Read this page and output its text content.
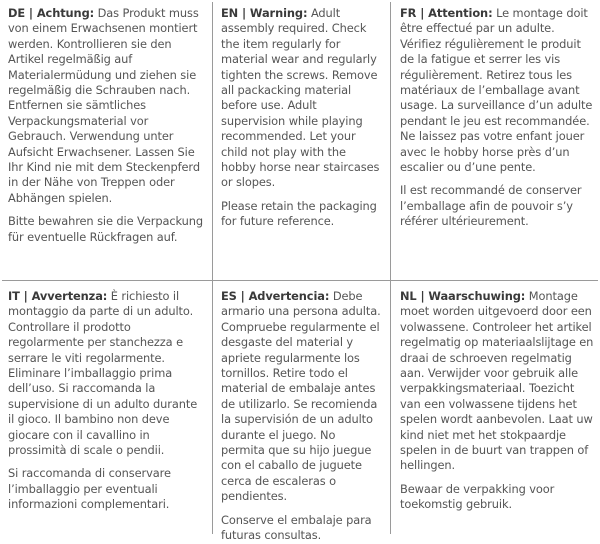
DE | Achtung: Das Produkt muss von einem Erwachsenen montiert werden. Kontrollieren sie den Artikel regelmäßig auf Materialermüdung und ziehen sie regelmäßig die Schrauben nach. Entfernen sie sämtliches Verpackungsmaterial vor Gebrauch. Verwendung unter Aufsicht Erwachsener. Lassen Sie Ihr Kind nie mit dem Steckenpferd in der Nähe von Treppen oder Abhängen spielen.

Bitte bewahren sie die Verpackung für eventuelle Rückfragen auf.

EN | Warning: Adult assembly required. Check the item regularly for material wear and regularly tighten the screws. Remove all packacking material before use. Adult supervision while playing recommended. Let your child not play with the hobby horse near staircases or slopes.

Please retain the packaging for future reference.

FR | Attention: Le montage doit être effectué par un adulte. Vérifiez régulièrement le produit de la fatigue et serrer les vis régulièrement. Retirez tous les matériaux de l’emballage avant usage. La surveillance d’un adulte pendant le jeu est recommandée. Ne laissez pas votre enfant jouer avec le hobby horse près d’un escalier ou d’une pente.

Il est recommandé de conserver l’emballage afin de pouvoir s’y référer ultérieurement.

IT | Avvertenza: È richiesto il montaggio da parte di un adulto. Controllare il prodotto regolarmente per stanchezza e serrare le viti regolarmente. Eliminare l’imballaggio prima dell’uso. Si raccomanda la supervisione di un adulto durante il gioco. Il bambino non deve giocare con il cavallino in prossimità di scale o pendii.

Si raccomanda di conservare l’imballaggio per eventuali informazioni complementari.

ES | Advertencia: Debe armario una persona adulta. Compruebe regularmente el desgaste del material y apriete regularmente los tornillos. Retire todo el material de embalaje antes de utilizarlo. Se recomienda la supervisión de un adulto durante el juego. No permita que su hijo juegue con el caballo de juguete cerca de escaleras o pendientes.

Conserve el embalaje para futuras consultas.

NL | Waarschuwing: Montage moet worden uitgevoerd door een volwassene. Controleer het artikel regelmatig op materiaalslijtage en draai de schroeven regelmatig aan. Verwijder voor gebruik alle verpakkingsmateriaal. Toezicht van een volwassene tijdens het spelen wordt aanbevolen. Laat uw kind niet met het stokpaardje spelen in de buurt van trappen of hellingen.

Bewaar de verpakking voor toekomstig gebruik.
